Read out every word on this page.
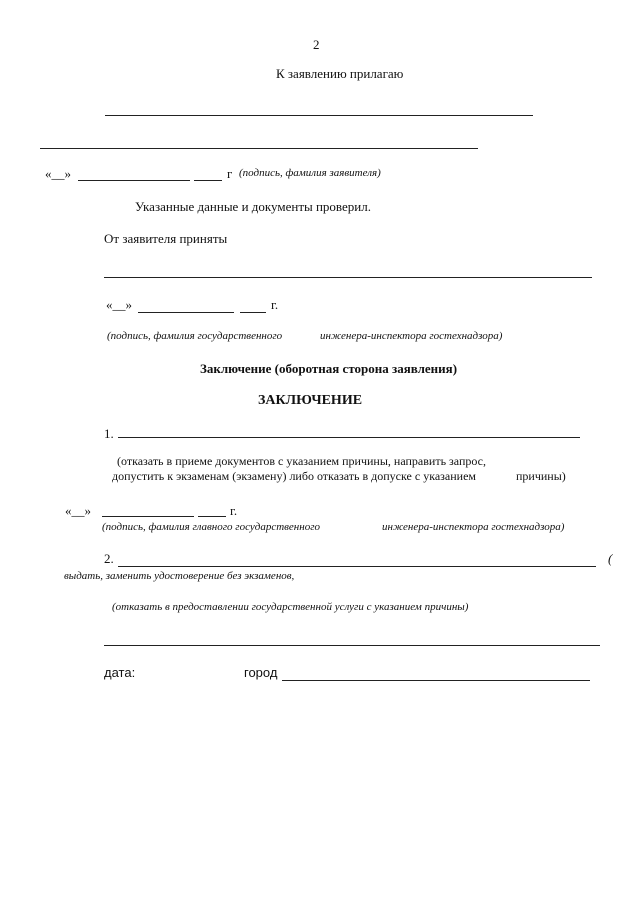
2
К заявлению прилагаю
«__»	г (подпись, фамилия заявителя)
Указанные данные и документы проверил.
От заявителя приняты
«__»	г.
(подпись, фамилия государственного	инженера-инспектора гостехнадзора)
Заключение (оборотная сторона заявления)
ЗАКЛЮЧЕНИЕ
1.
(отказать в приеме документов с указанием причины, направить запрос,
допустить к экзаменам (экзамену) либо отказать в допуске с указанием	причины)
«__»	г.
(подпись, фамилия главного государственного	инженера-инспектора гостехнадзора)
2.	(
выдать, заменить удостоверение без экзаменов,
(отказать в предоставлении государственной услуги с указанием причины)
дата:	город
